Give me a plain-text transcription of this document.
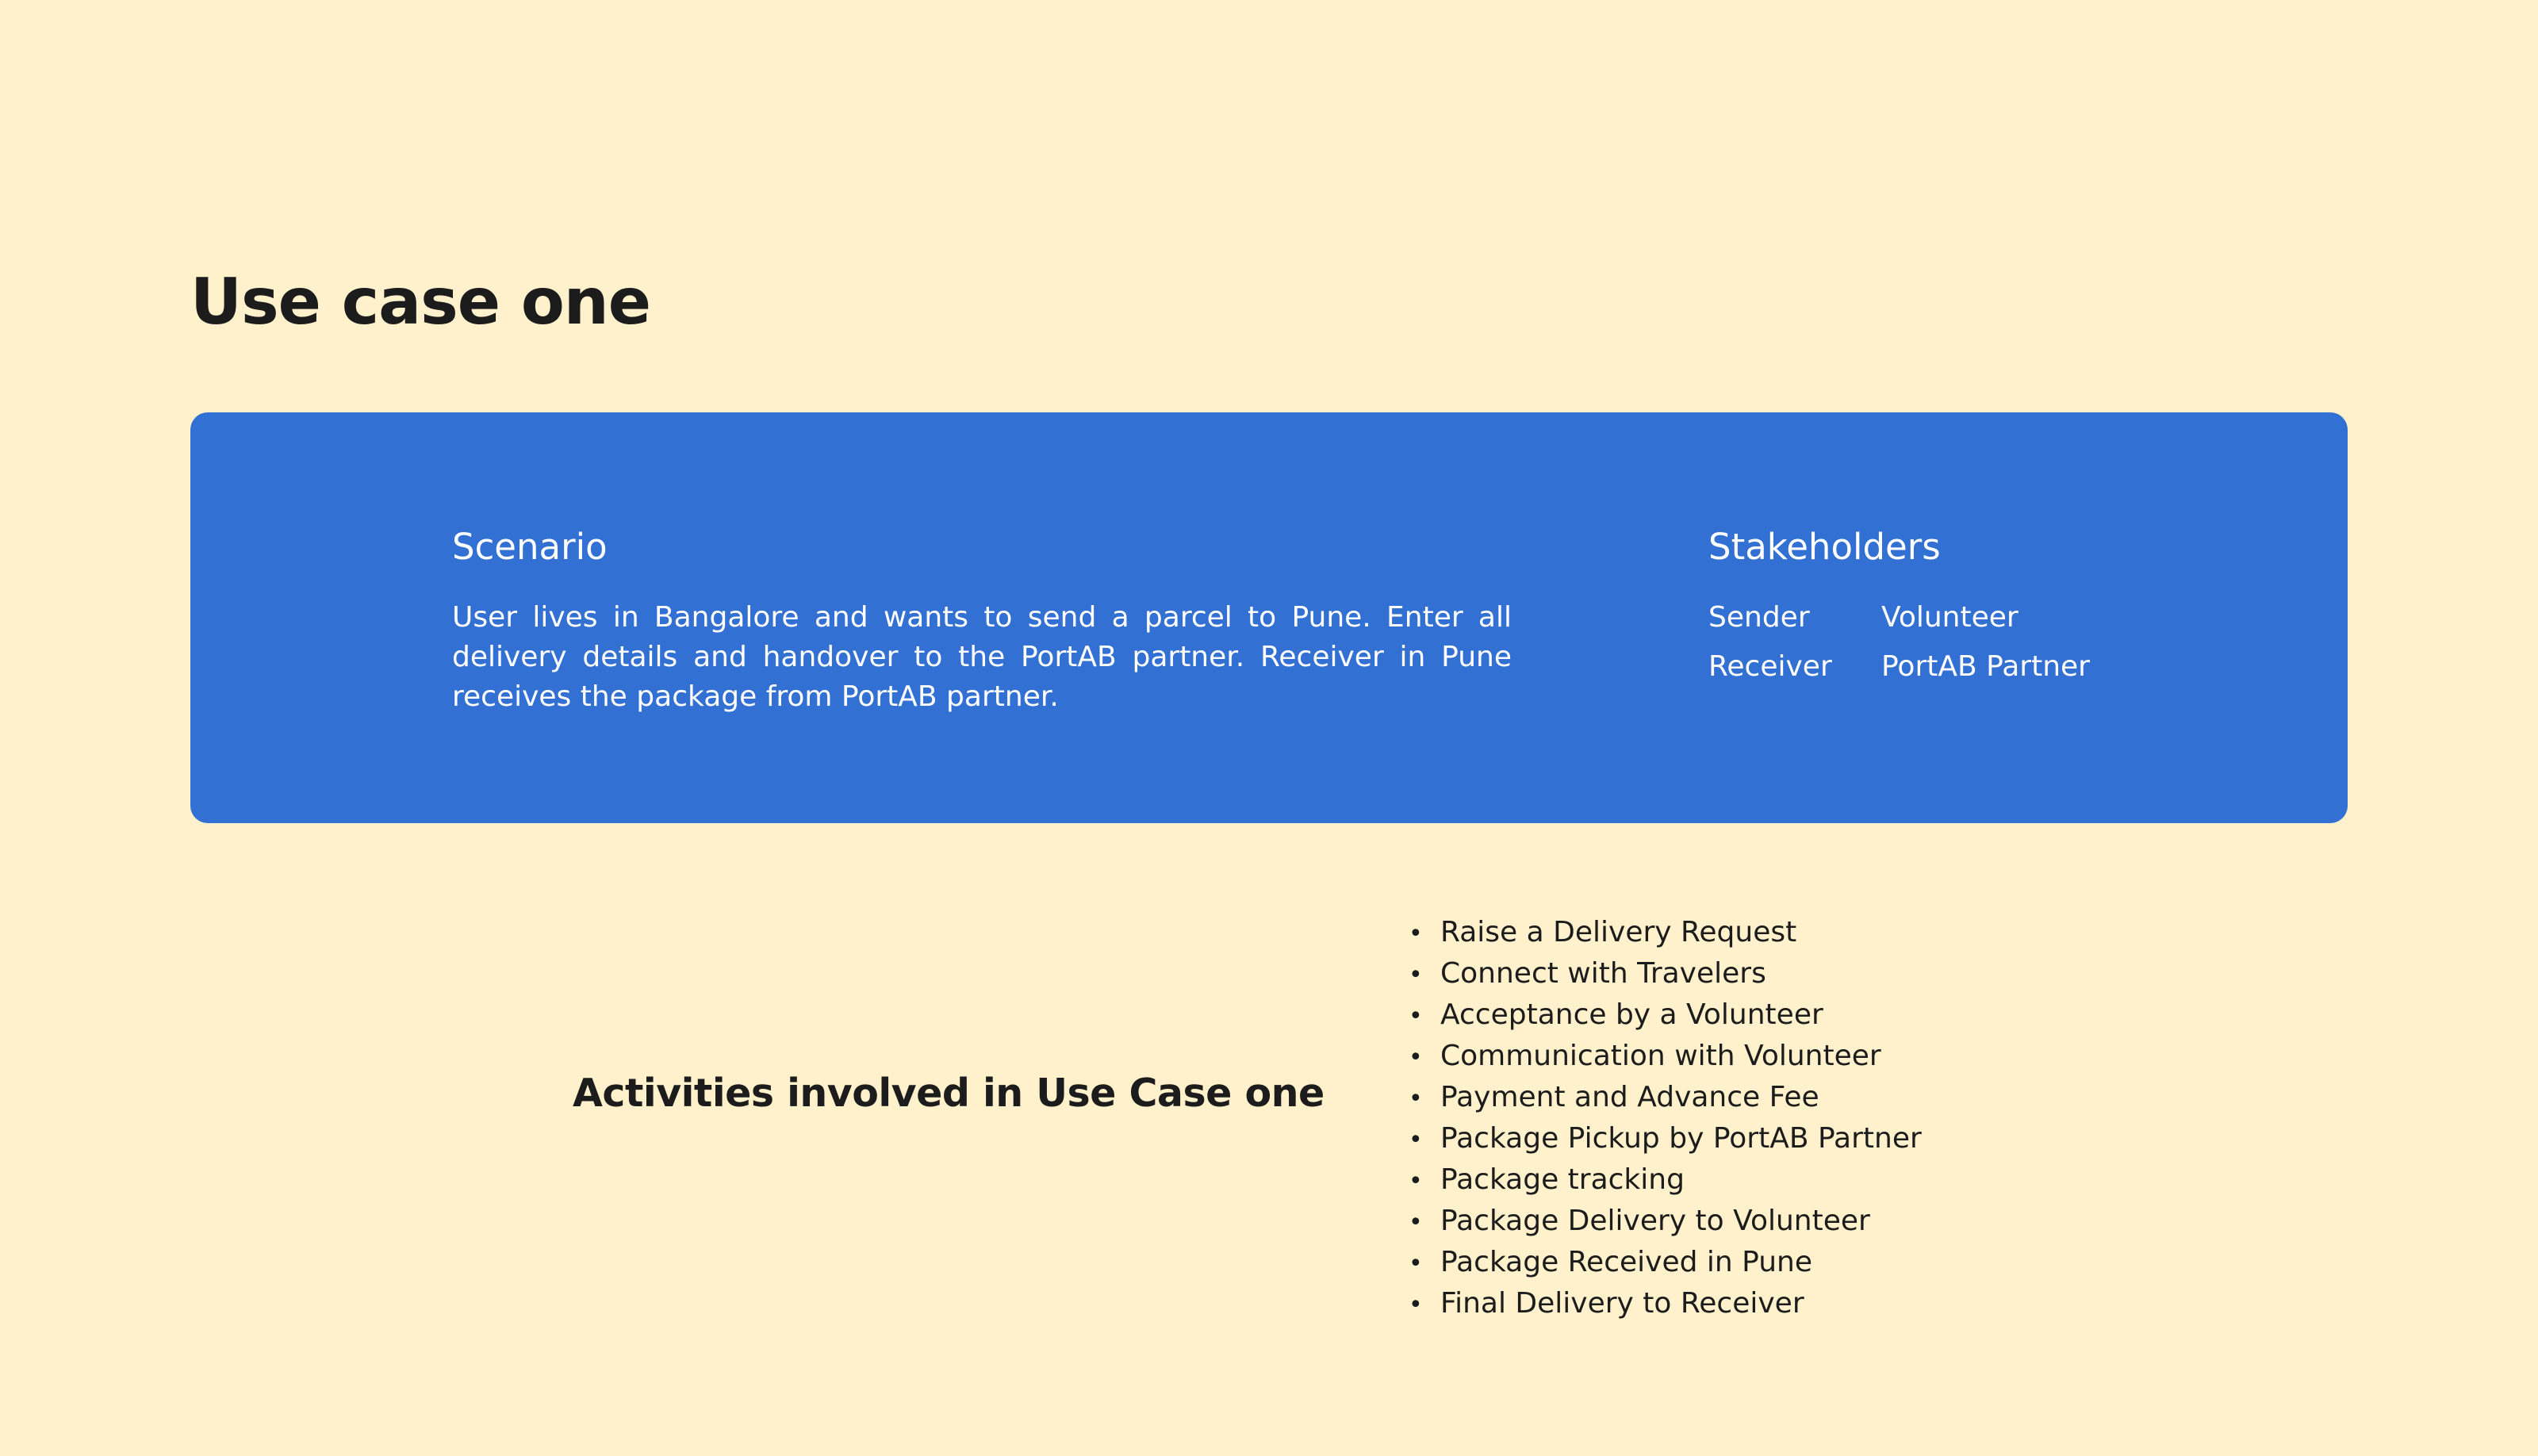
Use case one
Scenario

User lives in Bangalore and wants to send a parcel to Pune. Enter all delivery details and handover to the PortAB partner. Receiver in Pune receives the package from PortAB partner.

Stakeholders
Sender	Volunteer
Receiver	PortAB Partner
Activities involved in Use Case one
• Raise a Delivery Request
• Connect with Travelers
• Acceptance by a Volunteer
• Communication with Volunteer
• Payment and Advance Fee
• Package Pickup by PortAB Partner
• Package tracking
• Package Delivery to Volunteer
• Package Received in Pune
• Final Delivery to Receiver
